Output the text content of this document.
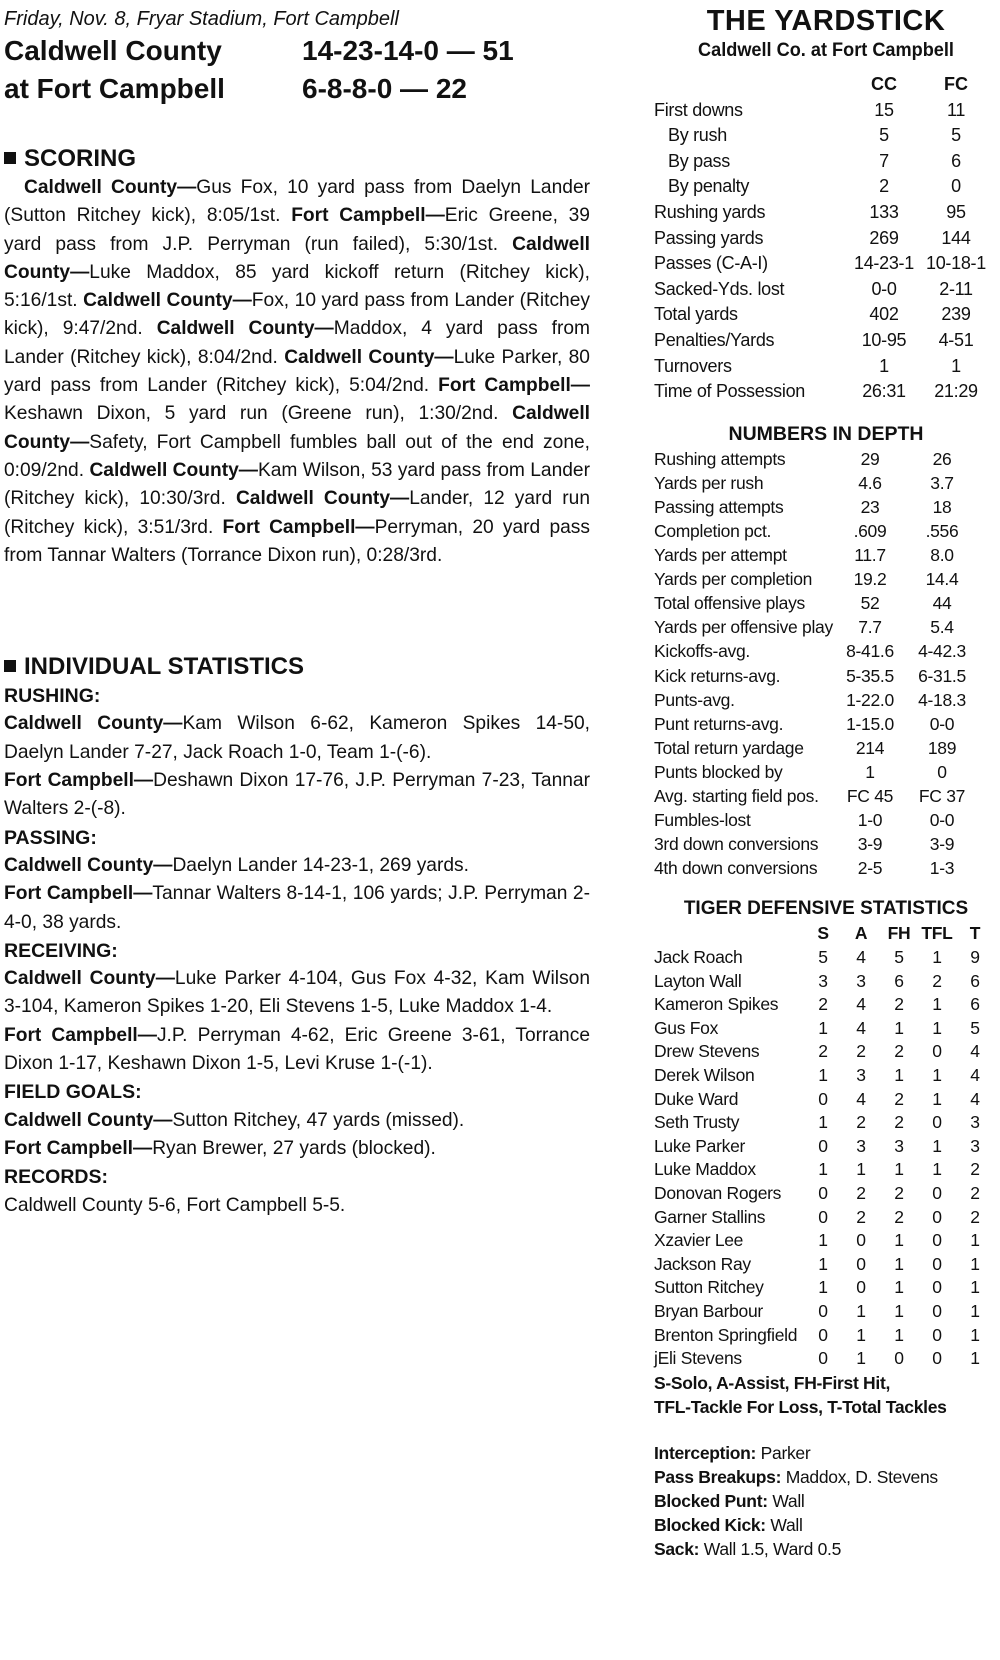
Friday, Nov. 8, Fryar Stadium, Fort Campbell
Caldwell County	14-23-14-0 — 51
at Fort Campbell	6-8-8-0 — 22
SCORING
Caldwell County—Gus Fox, 10 yard pass from Daelyn Lander (Sutton Ritchey kick), 8:05/1st. Fort Campbell—Eric Greene, 39 yard pass from J.P. Perryman (run failed), 5:30/1st. Caldwell County—Luke Maddox, 85 yard kickoff return (Ritchey kick), 5:16/1st. Caldwell County—Fox, 10 yard pass from Lander (Ritchey kick), 9:47/2nd. Caldwell County—Maddox, 4 yard pass from Lander (Ritchey kick), 8:04/2nd. Caldwell County—Luke Parker, 80 yard pass from Lander (Ritchey kick), 5:04/2nd. Fort Campbell—Keshawn Dixon, 5 yard run (Greene run), 1:30/2nd. Caldwell County—Safety, Fort Campbell fumbles ball out of the end zone, 0:09/2nd. Caldwell County—Kam Wilson, 53 yard pass from Lander (Ritchey kick), 10:30/3rd. Caldwell County—Lander, 12 yard run (Ritchey kick), 3:51/3rd. Fort Campbell—Perryman, 20 yard pass from Tannar Walters (Torrance Dixon run), 0:28/3rd.
INDIVIDUAL STATISTICS
RUSHING:
Caldwell County—Kam Wilson 6-62, Kameron Spikes 14-50, Daelyn Lander 7-27, Jack Roach 1-0, Team 1-(-6).
Fort Campbell—Deshawn Dixon 17-76, J.P. Perryman 7-23, Tannar Walters 2-(-8).
PASSING:
Caldwell County—Daelyn Lander 14-23-1, 269 yards.
Fort Campbell—Tannar Walters 8-14-1, 106 yards; J.P. Perryman 2-4-0, 38 yards.
RECEIVING:
Caldwell County—Luke Parker 4-104, Gus Fox 4-32, Kam Wilson 3-104, Kameron Spikes 1-20, Eli Stevens 1-5, Luke Maddox 1-4.
Fort Campbell—J.P. Perryman 4-62, Eric Greene 3-61, Torrance Dixon 1-17, Keshawn Dixon 1-5, Levi Kruse 1-(-1).
FIELD GOALS:
Caldwell County—Sutton Ritchey, 47 yards (missed).
Fort Campbell—Ryan Brewer, 27 yards (blocked).
RECORDS:
Caldwell County 5-6, Fort Campbell 5-5.
THE YARDSTICK
Caldwell Co. at Fort Campbell
	CC	FC
First downs	15	11
By rush	5	5
By pass	7	6
By penalty	2	0
Rushing yards	133	95
Passing yards	269	144
Passes (C-A-I)	14-23-1	10-18-1
Sacked-Yds. lost	0-0	2-11
Total yards	402	239
Penalties/Yards	10-95	4-51
Turnovers	1	1
Time of Possession	26:31	21:29
NUMBERS IN DEPTH
Rushing attempts	29	26
Yards per rush	4.6	3.7
Passing attempts	23	18
Completion pct.	.609	.556
Yards per attempt	11.7	8.0
Yards per completion	19.2	14.4
Total offensive plays	52	44
Yards per offensive play	7.7	5.4
Kickoffs-avg.	8-41.6	4-42.3
Kick returns-avg.	5-35.5	6-31.5
Punts-avg.	1-22.0	4-18.3
Punt returns-avg.	1-15.0	0-0
Total return yardage	214	189
Punts blocked by	1	0
Avg. starting field pos.	FC 45	FC 37
Fumbles-lost	1-0	0-0
3rd down conversions	3-9	3-9
4th down conversions	2-5	1-3
TIGER DEFENSIVE STATISTICS
	S	A	FH	TFL	T
Jack Roach	5	4	5	1	9
Layton Wall	3	3	6	2	6
Kameron Spikes	2	4	2	1	6
Gus Fox	1	4	1	1	5
Drew Stevens	2	2	2	0	4
Derek Wilson	1	3	1	1	4
Duke Ward	0	4	2	1	4
Seth Trusty	1	2	2	0	3
Luke Parker	0	3	3	1	3
Luke Maddox	1	1	1	1	2
Donovan Rogers	0	2	2	0	2
Garner Stallins	0	2	2	0	2
Xzavier Lee	1	0	1	0	1
Jackson Ray	1	0	1	0	1
Sutton Ritchey	1	0	1	0	1
Bryan Barbour	0	1	1	0	1
Brenton Springfield	0	1	1	0	1
jEli Stevens	0	1	0	0	1
S-Solo, A-Assist, FH-First Hit,
TFL-Tackle For Loss, T-Total Tackles
Interception: Parker
Pass Breakups: Maddox, D. Stevens
Blocked Punt: Wall
Blocked Kick: Wall
Sack: Wall 1.5, Ward 0.5
